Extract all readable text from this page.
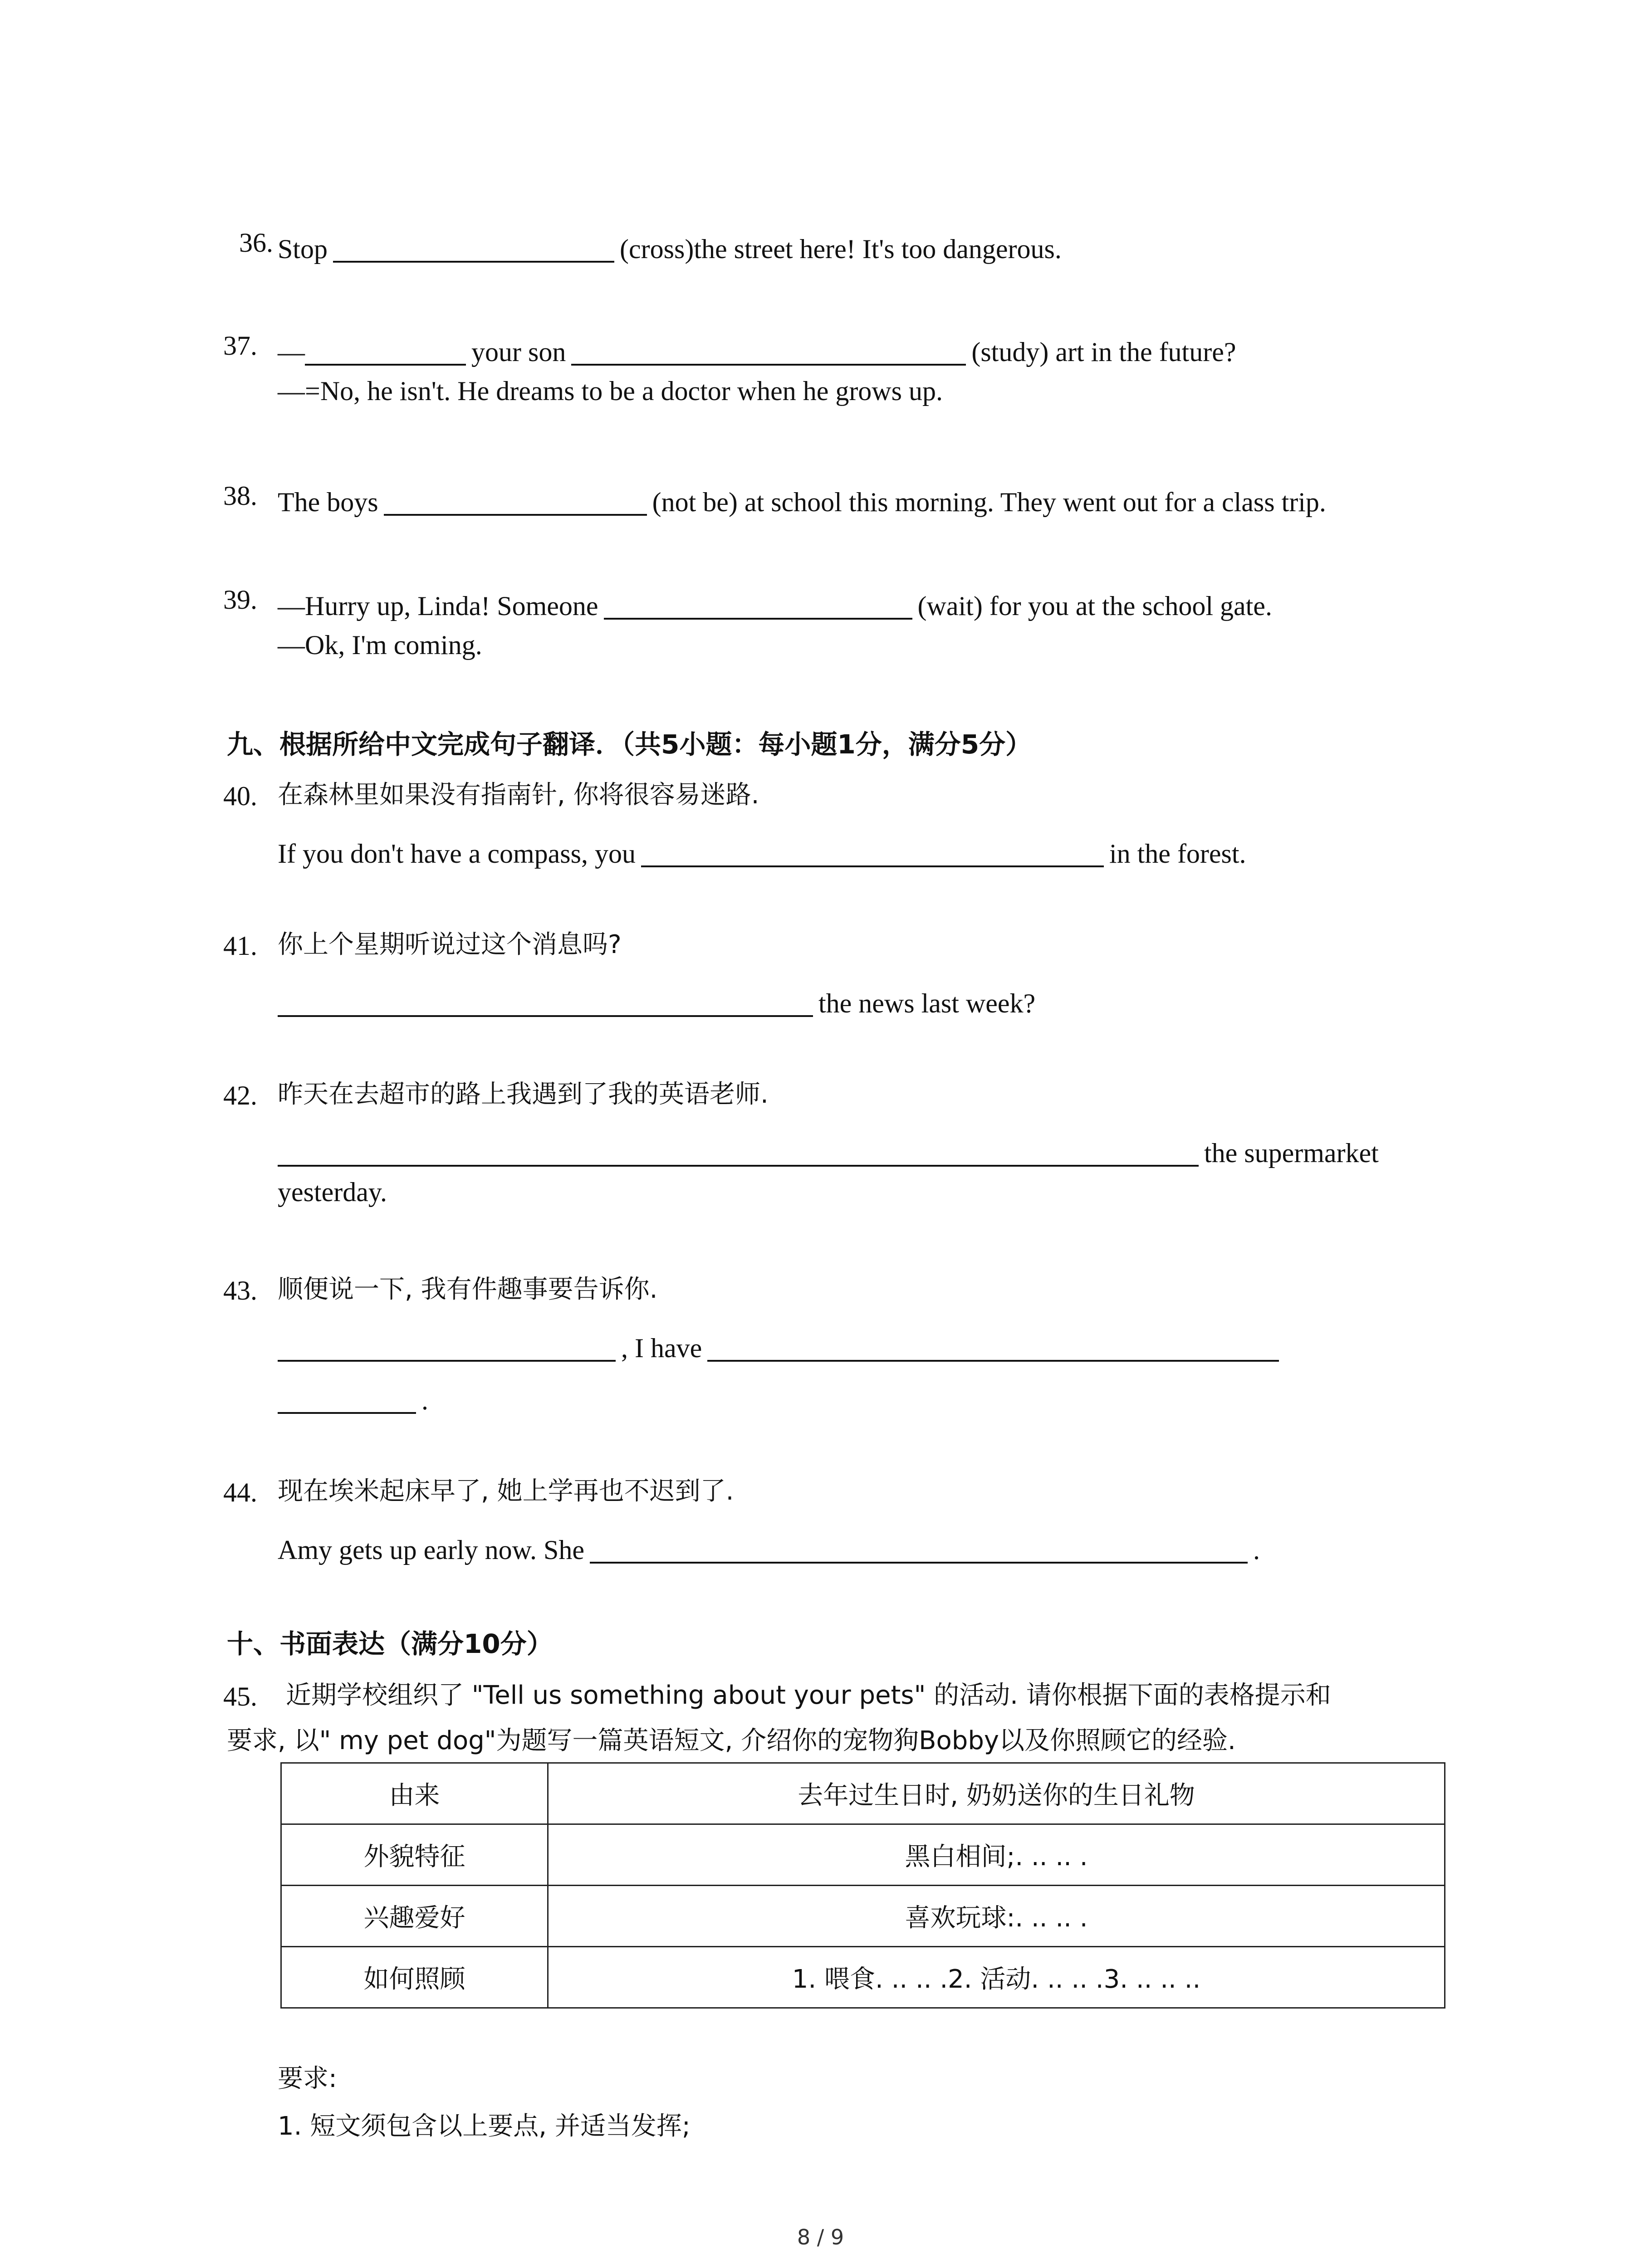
36. Stop	(cross)the street here! It's too dangerous.
37. —	your son	(study) art in the future?
—=No, he isn't. He dreams to be a doctor when he grows up.
38. The boys	(not be) at school this morning. They went out for a class trip.
39. —Hurry up, Linda! Someone	(wait) for you at the school gate.
—Ok, I'm coming.
九、根据所给中文完成句子翻译．（共5小题：每小题1分，满分5分）
40. 在森林里如果没有指南针, 你将很容易迷路.
If you don't have a compass, you	in the forest.
41. 你上个星期听说过这个消息吗?
the news last week?
42. 昨天在去超市的路上我遇到了我的英语老师.
the supermarket
yesterday.
43. 顺便说一下, 我有件趣事要告诉你.
, I have
.
44. 现在埃米起床早了, 她上学再也不迟到了.
Amy gets up early now. She	.
十、书面表达（满分10分）
45. 近期学校组织了 "Tell us something about your pets" 的活动. 请你根据下面的表格提示和
要求, 以" my pet dog"为题写一篇英语短文, 介绍你的宠物狗Bobby以及你照顾它的经验.
由来	去年过生日时, 奶奶送你的生日礼物
外貌特征	黑白相间;. .. .. .
兴趣爱好	喜欢玩球:. .. .. .
如何照顾	1. 喂食. .. .. .2. 活动. .. .. .3. .. .. ..
要求:
1. 短文须包含以上要点, 并适当发挥;
8 / 9
